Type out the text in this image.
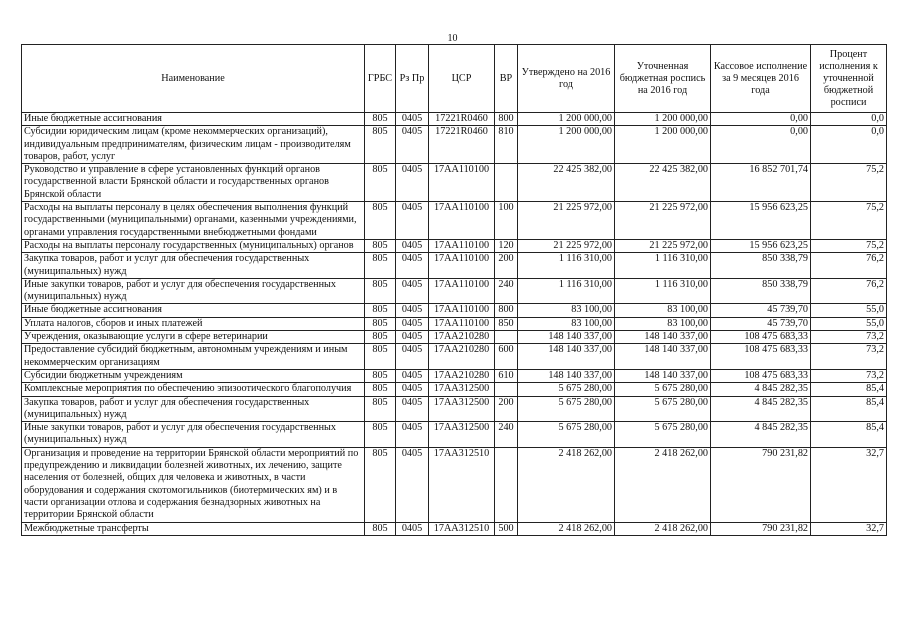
10
Наименование	ГРБС	Рз Пр	ЦСР	ВР	Утверждено на 2016 год	Уточненная бюджетная роспись на 2016 год	Кассовое исполнение за 9 месяцев 2016 года	Процент исполнения к уточненной бюджетной росписи
Иные бюджетные ассигнования	805	0405	17221R0460	800	1 200 000,00	1 200 000,00	0,00	0,0
Субсидии юридическим лицам (кроме некоммерческих организаций), индивидуальным предпринимателям, физическим лицам - производителям товаров, работ, услуг	805	0405	17221R0460	810	1 200 000,00	1 200 000,00	0,00	0,0
Руководство и управление в сфере установленных функций органов государственной власти Брянской области и государственных органов Брянской области	805	0405	17АА110100		22 425 382,00	22 425 382,00	16 852 701,74	75,2
Расходы на выплаты персоналу в целях обеспечения выполнения функций государственными (муниципальными) органами, казенными учреждениями, органами управления государственными внебюджетными фондами	805	0405	17АА110100	100	21 225 972,00	21 225 972,00	15 956 623,25	75,2
Расходы на выплаты персоналу государственных (муниципальных) органов	805	0405	17АА110100	120	21 225 972,00	21 225 972,00	15 956 623,25	75,2
Закупка товаров, работ и услуг для обеспечения государственных (муниципальных) нужд	805	0405	17АА110100	200	1 116 310,00	1 116 310,00	850 338,79	76,2
Иные закупки товаров, работ и услуг для обеспечения государственных (муниципальных) нужд	805	0405	17АА110100	240	1 116 310,00	1 116 310,00	850 338,79	76,2
Иные бюджетные ассигнования	805	0405	17АА110100	800	83 100,00	83 100,00	45 739,70	55,0
Уплата налогов, сборов и иных платежей	805	0405	17АА110100	850	83 100,00	83 100,00	45 739,70	55,0
Учреждения, оказывающие услуги в сфере ветеринарии	805	0405	17АА210280		148 140 337,00	148 140 337,00	108 475 683,33	73,2
Предоставление субсидий бюджетным, автономным учреждениям и иным некоммерческим организациям	805	0405	17АА210280	600	148 140 337,00	148 140 337,00	108 475 683,33	73,2
Субсидии бюджетным учреждениям	805	0405	17АА210280	610	148 140 337,00	148 140 337,00	108 475 683,33	73,2
Комплексные мероприятия по обеспечению эпизоотического благополучия	805	0405	17АА312500		5 675 280,00	5 675 280,00	4 845 282,35	85,4
Закупка товаров, работ и услуг для обеспечения государственных (муниципальных) нужд	805	0405	17АА312500	200	5 675 280,00	5 675 280,00	4 845 282,35	85,4
Иные закупки товаров, работ и услуг для обеспечения государственных (муниципальных) нужд	805	0405	17АА312500	240	5 675 280,00	5 675 280,00	4 845 282,35	85,4
Организация и проведение на территории Брянской области мероприятий по предупреждению и ликвидации болезней животных, их лечению, защите населения от болезней, общих для человека и животных, в части оборудования и содержания скотомогильников (биотермических ям) и в части организации отлова и содержания безнадзорных животных на территории Брянской области	805	0405	17АА312510		2 418 262,00	2 418 262,00	790 231,82	32,7
Межбюджетные трансферты	805	0405	17АА312510	500	2 418 262,00	2 418 262,00	790 231,82	32,7
